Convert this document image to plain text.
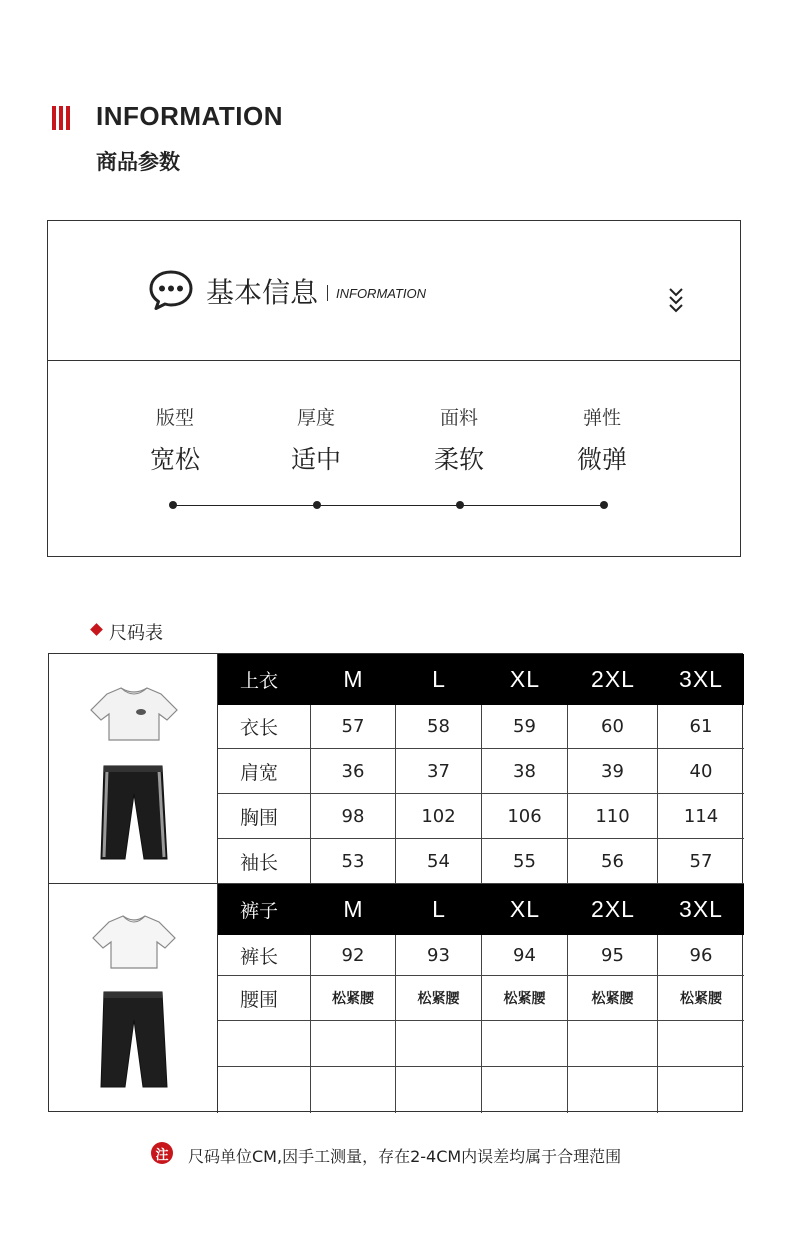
INFORMATION
商品参数
基本信息 INFORMATION
版型
宽松
厚度
适中
面料
柔软
弹性
微弹
尺码表
上衣	M	L	XL	2XL	3XL
衣长	57	58	59	60	61
肩宽	36	37	38	39	40
胸围	98	102	106	110	114
袖长	53	54	55	56	57
裤子	M	L	XL	2XL	3XL
裤长	92	93	94	95	96
腰围	松紧腰	松紧腰	松紧腰	松紧腰	松紧腰
注 尺码单位CM,因手工测量，存在2-4CM内误差均属于合理范围
